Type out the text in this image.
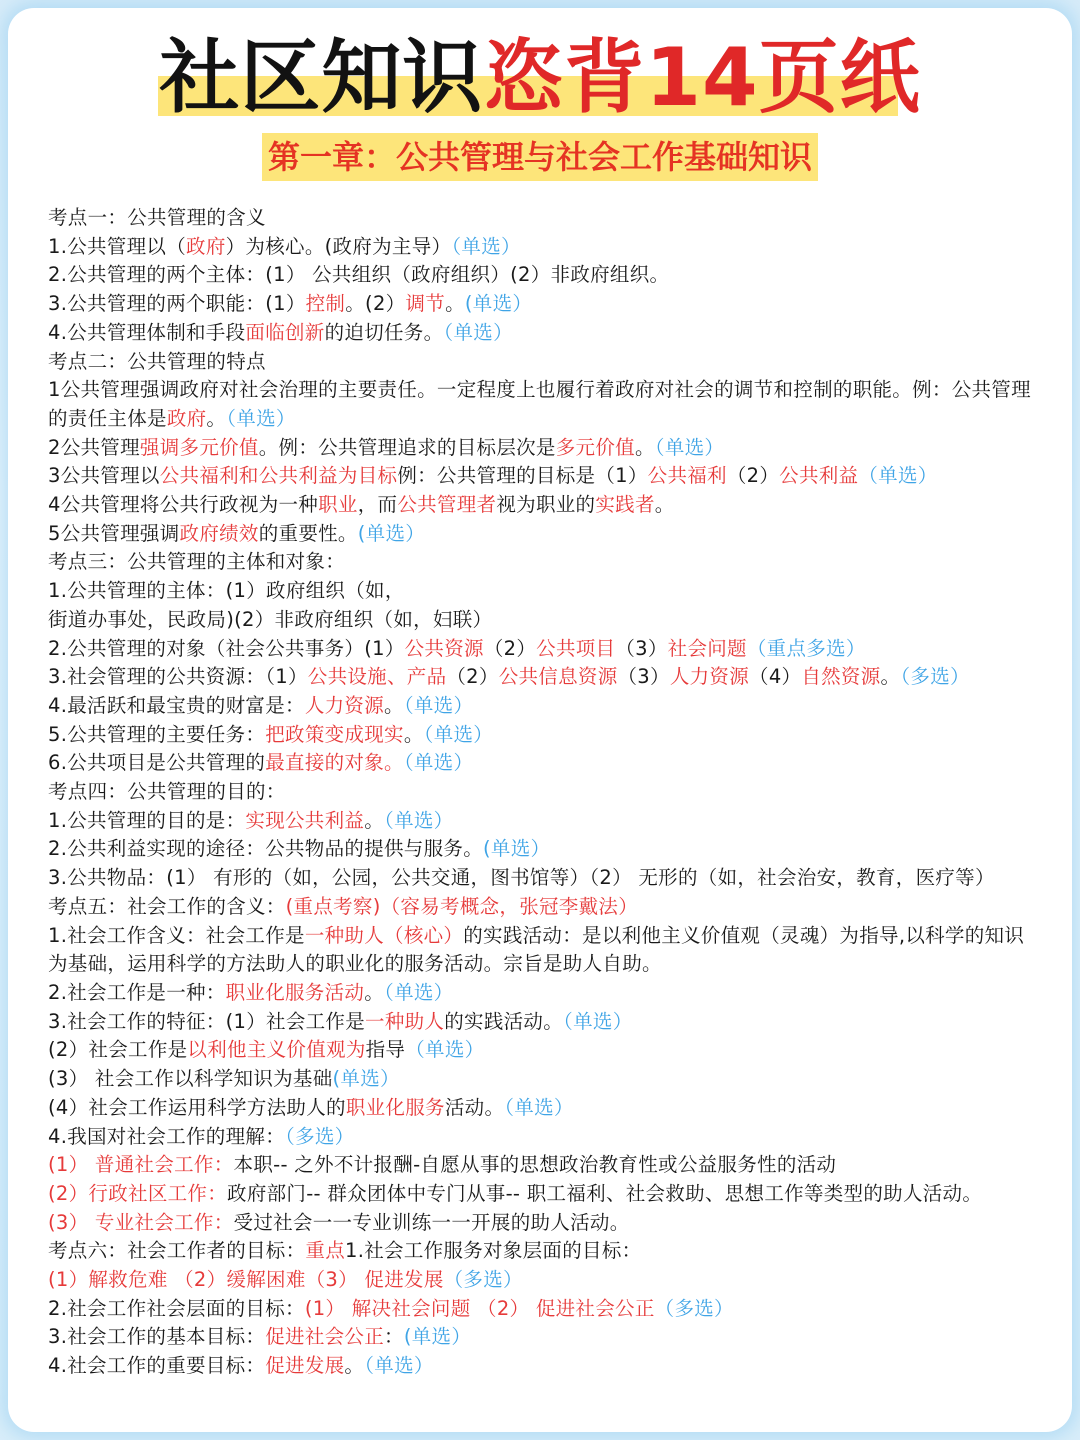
社区知识恣背14页纸
第一章：公共管理与社会工作基础知识
考点一：公共管理的含义
1.公共管理以（政府）为核心。(政府为主导）（单选）
2.公共管理的两个主体：(1） 公共组织（政府组织）(2）非政府组织。
3.公共管理的两个职能：(1）控制。(2）调节。(单选）
4.公共管理体制和手段面临创新的迫切任务。（单选）
考点二：公共管理的特点
1公共管理强调政府对社会治理的主要责任。一定程度上也履行着政府对社会的调节和控制的职能。例：公共管理的责任主体是政府。（单选）
2公共管理强调多元价值。例：公共管理追求的目标层次是多元价值。（单选）
3公共管理以公共福利和公共利益为目标例：公共管理的目标是（1）公共福利（2）公共利益（单选）
4公共管理将公共行政视为一种职业，而公共管理者视为职业的实践者。
5公共管理强调政府绩效的重要性。(单选）
考点三：公共管理的主体和对象：
1.公共管理的主体：(1）政府组织（如，
街道办事处，民政局)(2）非政府组织（如，妇联）
2.公共管理的对象（社会公共事务）(1）公共资源（2）公共项目（3）社会问题（重点多选）
3.社会管理的公共资源：（1）公共设施、产品（2）公共信息资源（3）人力资源（4）自然资源。（多选）
4.最活跃和最宝贵的财富是：人力资源。（单选）
5.公共管理的主要任务：把政策变成现实。（单选）
6.公共项目是公共管理的最直接的对象。（单选）
考点四：公共管理的目的：
1.公共管理的目的是：实现公共利益。（单选）
2.公共利益实现的途径：公共物品的提供与服务。(单选）
3.公共物品：(1） 有形的（如，公园，公共交通，图书馆等）（2） 无形的（如，社会治安，教育，医疗等）
考点五：社会工作的含义：(重点考察)（容易考概念，张冠李戴法）
1.社会工作含义：社会工作是一种助人（核心）的实践活动：是以利他主义价值观（灵魂）为指导,以科学的知识为基础，运用科学的方法助人的职业化的服务活动。宗旨是助人自助。
2.社会工作是一种：职业化服务活动。（单选）
3.社会工作的特征：(1）社会工作是一种助人的实践活动。（单选）
(2）社会工作是以利他主义价值观为指导（单选）
(3） 社会工作以科学知识为基础(单选）
(4）社会工作运用科学方法助人的职业化服务活动。（单选）
4.我国对社会工作的理解：（多选）
(1） 普通社会工作：本职-- 之外不计报酬-自愿从事的思想政治教育性或公益服务性的活动
(2）行政社区工作：政府部门-- 群众团体中专门从事-- 职工福利、社会救助、思想工作等类型的助人活动。
(3） 专业社会工作：受过社会一一专业训练一一开展的助人活动。
考点六：社会工作者的目标：重点1.社会工作服务对象层面的目标：
(1）解救危难 （2）缓解困难（3） 促进发展（多选）
2.社会工作社会层面的目标：(1） 解决社会问题 （2） 促进社会公正（多选）
3.社会工作的基本目标：促进社会公正：(单选）
4.社会工作的重要目标：促进发展。（单选）
